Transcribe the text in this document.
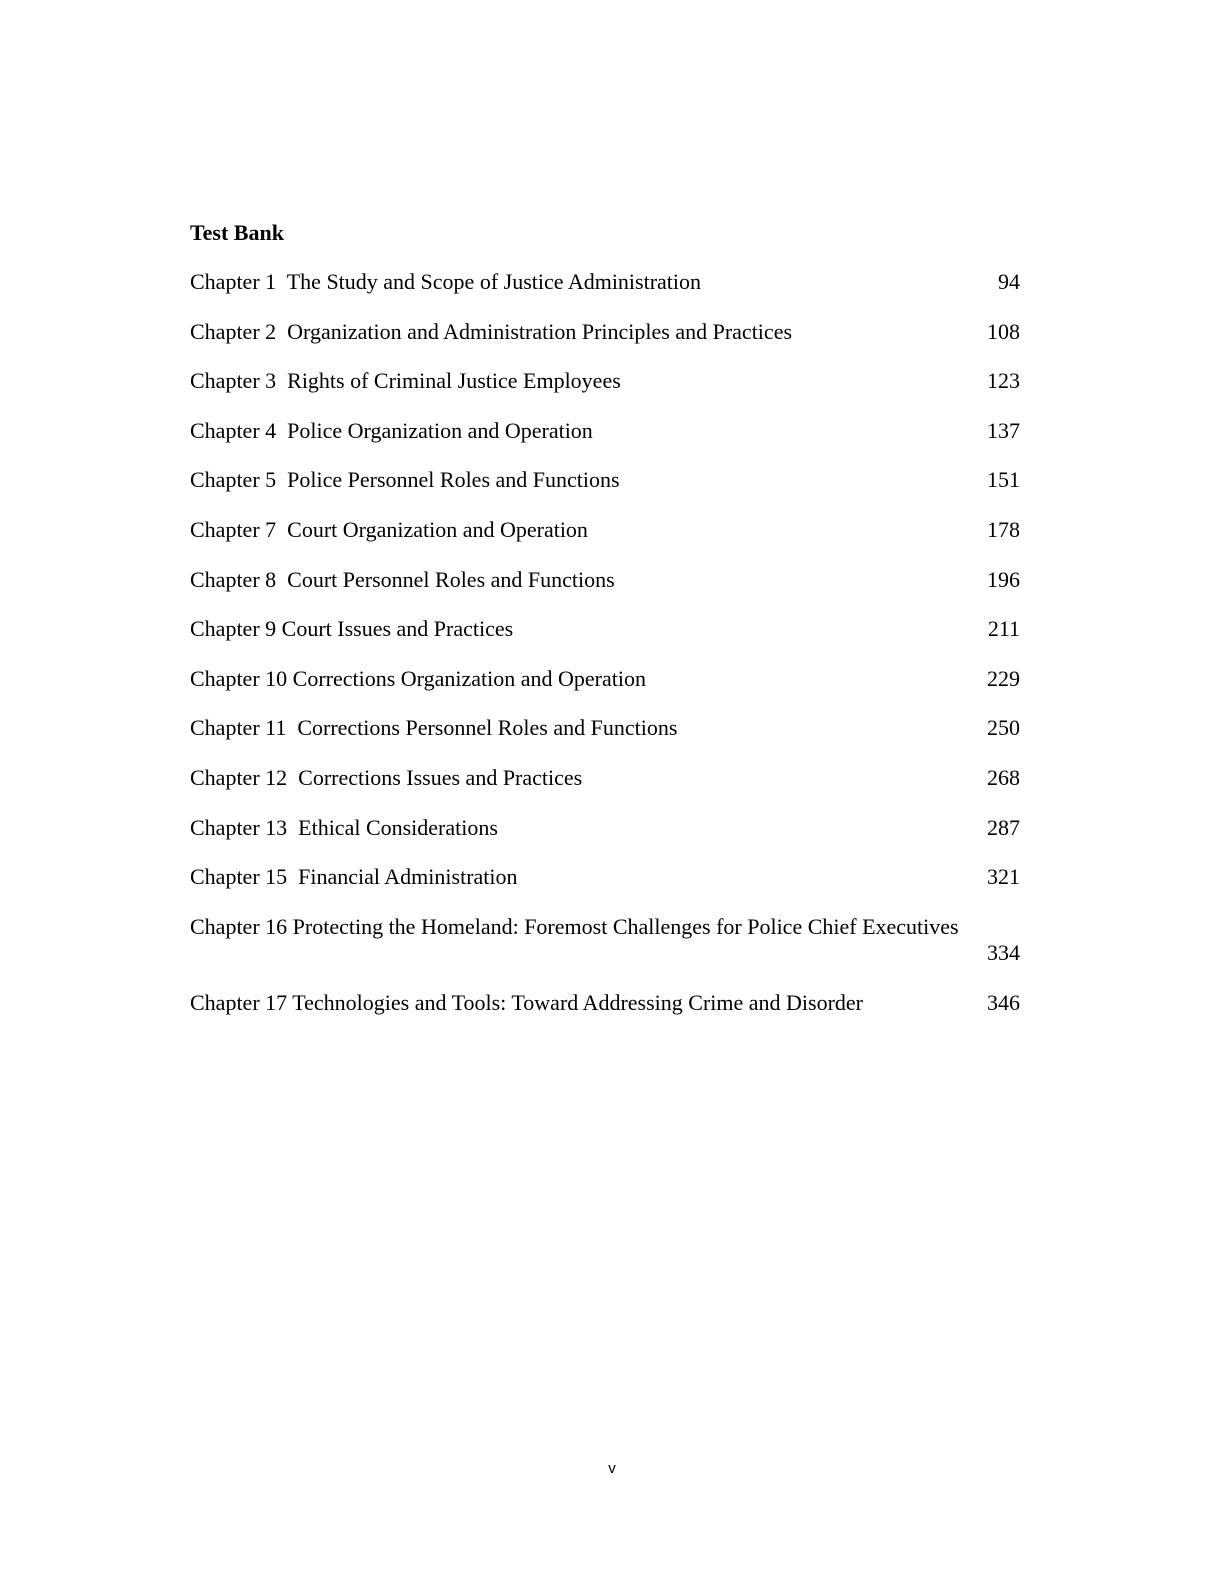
Test Bank
Chapter 1  The Study and Scope of Justice Administration	94
Chapter 2  Organization and Administration Principles and Practices	108
Chapter 3  Rights of Criminal Justice Employees	123
Chapter 4  Police Organization and Operation	137
Chapter 5  Police Personnel Roles and Functions	151
Chapter 7  Court Organization and Operation	178
Chapter 8  Court Personnel Roles and Functions	196
Chapter 9 Court Issues and Practices	211
Chapter 10 Corrections Organization and Operation	229
Chapter 11  Corrections Personnel Roles and Functions	250
Chapter 12  Corrections Issues and Practices	268
Chapter 13  Ethical Considerations	287
Chapter 15  Financial Administration	321
Chapter 16 Protecting the Homeland: Foremost Challenges for Police Chief Executives
334
Chapter 17 Technologies and Tools: Toward Addressing Crime and Disorder	346
v
